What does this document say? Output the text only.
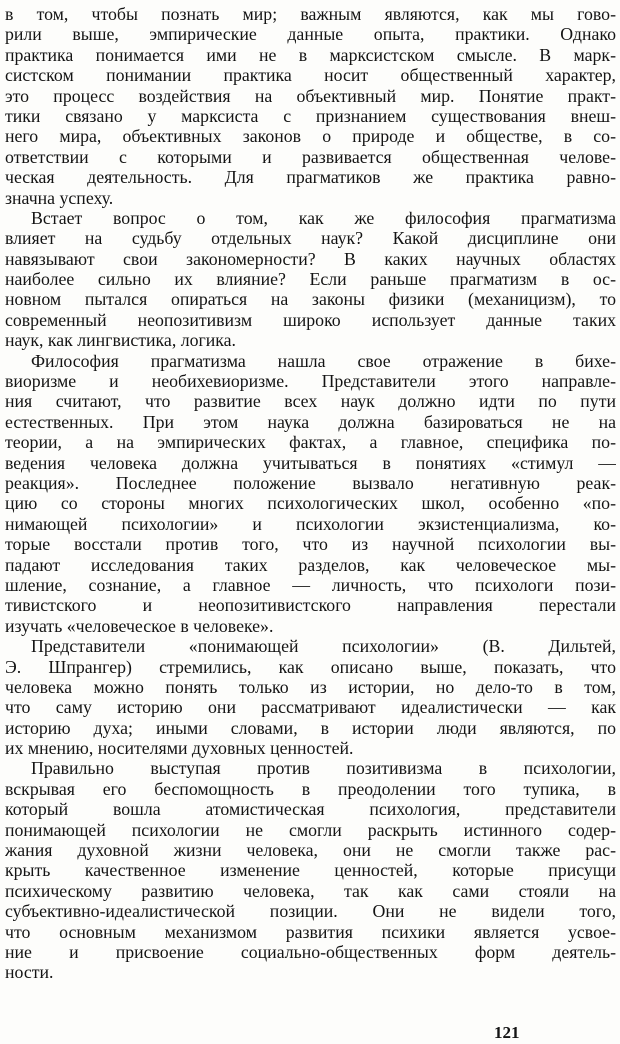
в том, чтобы познать мир; важным являются, как мы гово-
рили выше, эмпирические данные опыта, практики. Однако
практика понимается ими не в марксистском смысле. В марк-
систском понимании практика носит общественный характер,
это процесс воздействия на объективный мир. Понятие практ-
тики связано у марксиста с признанием существования внеш-
него мира, объективных законов о природе и обществе, в со-
ответствии с которыми и развивается общественная челове-
ческая деятельность. Для прагматиков же практика равно-
значна успеху.
Встает вопрос о том, как же философия прагматизма
влияет на судьбу отдельных наук? Какой дисциплине они
навязывают свои закономерности? В каких научных областях
наиболее сильно их влияние? Если раньше прагматизм в ос-
новном пытался опираться на законы физики (механицизм), то
современный неопозитивизм широко использует данные таких
наук, как лингвистика, логика.
Философия прагматизма нашла свое отражение в бихе-
виоризме и необихевиоризме. Представители этого направле-
ния считают, что развитие всех наук должно идти по пути
естественных. При этом наука должна базироваться не на
теории, а на эмпирических фактах, а главное, специфика по-
ведения человека должна учитываться в понятиях «стимул —
реакция». Последнее положение вызвало негативную реак-
цию со стороны многих психологических школ, особенно «по-
нимающей психологии» и психологии экзистенциализма, ко-
торые восстали против того, что из научной психологии вы-
падают исследования таких разделов, как человеческое мы-
шление, сознание, а главное — личность, что психологи пози-
тивистского и неопозитивистского направления перестали
изучать «человеческое в человеке».
Представители «понимающей психологии» (В. Дильтей,
Э. Шпрангер) стремились, как описано выше, показать, что
человека можно понять только из истории, но дело-то в том,
что саму историю они рассматривают идеалистически — как
историю духа; иными словами, в истории люди являются, по
их мнению, носителями духовных ценностей.
Правильно выступая против позитивизма в психологии,
вскрывая его беспомощность в преодолении того тупика, в
который вошла атомистическая психология, представители
понимающей психологии не смогли раскрыть истинного содер-
жания духовной жизни человека, они не смогли также рас-
крыть качественное изменение ценностей, которые присущи
психическому развитию человека, так как сами стояли на
субъективно-идеалистической позиции. Они не видели того,
что основным механизмом развития психики является усвое-
ние и присвоение социально-общественных форм деятель-
ности.
121
